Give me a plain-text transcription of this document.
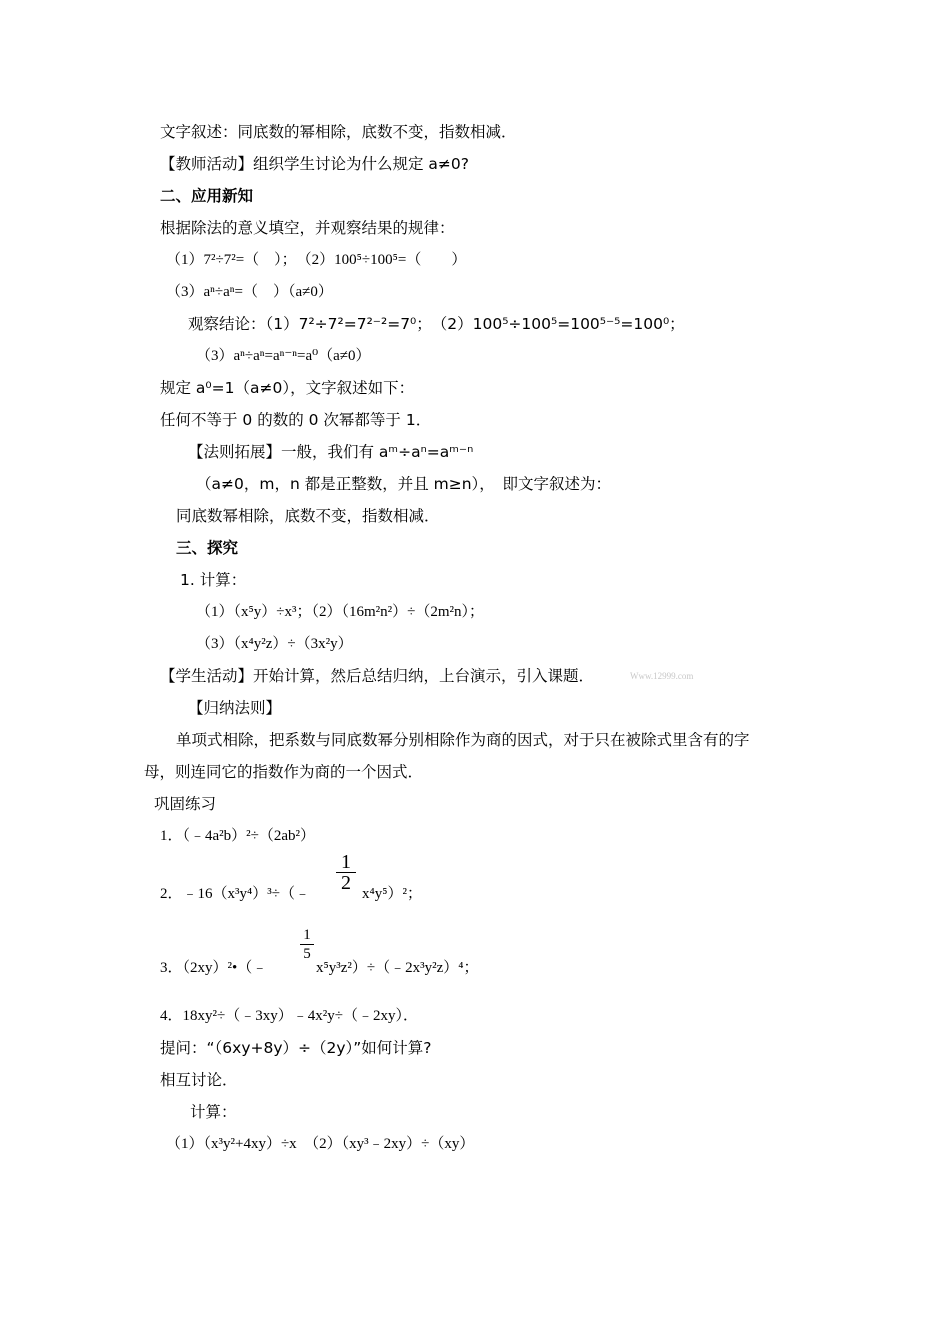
文字叙述：同底数的幂相除，底数不变，指数相减．
【教师活动】组织学生讨论为什么规定 a≠0?
二、应用新知
根据除法的意义填空，并观察结果的规律：
（1）7²÷7²=（　）；　（2）100⁵÷100⁵=（　　）
（3）aⁿ÷aⁿ=（　）（a≠0）
观察结论：（1）7²÷7²=7²⁻²=7⁰；　（2）100⁵÷100⁵=100⁵⁻⁵=100⁰；
（3）aⁿ÷aⁿ=aⁿ⁻ⁿ=a⁰（a≠0）
规定 a⁰=1（a≠0），文字叙述如下：
任何不等于 0 的数的 0 次幂都等于 1．
【法则拓展】一般，我们有 aᵐ÷aⁿ=aᵐ⁻ⁿ
（a≠0，m，n 都是正整数，并且 m≥n），　即文字叙述为：
同底数幂相除，底数不变，指数相减．
三、探究
1. 计算：
（1）（x⁵y）÷x³；（2）（16m²n²）÷（2m²n）；
（3）（x⁴y²z）÷（3x²y）
【学生活动】开始计算，然后总结归纳，上台演示，引入课题．	Www.12999.com
【归纳法则】
单项式相除，把系数与同底数幂分别相除作为商的因式，对于只在被除式里含有的字
母，则连同它的指数作为商的一个因式．
巩固练习
1．（﹣4a²b）²÷（2ab²）
2．﹣16（x³y⁴）³÷（﹣
1
2 x⁴y⁵）²；
3．（2xy）²•（﹣
1
5
x⁵y³z²）÷（﹣2x³y²z）⁴；
4．18xy²÷（﹣3xy）﹣4x²y÷（﹣2xy）．
提问：“（6xy+8y）÷（2y）”如何计算?
相互讨论．
计算：
（1）（x³y²+4xy）÷x　（2）（xy³﹣2xy）÷（xy）
